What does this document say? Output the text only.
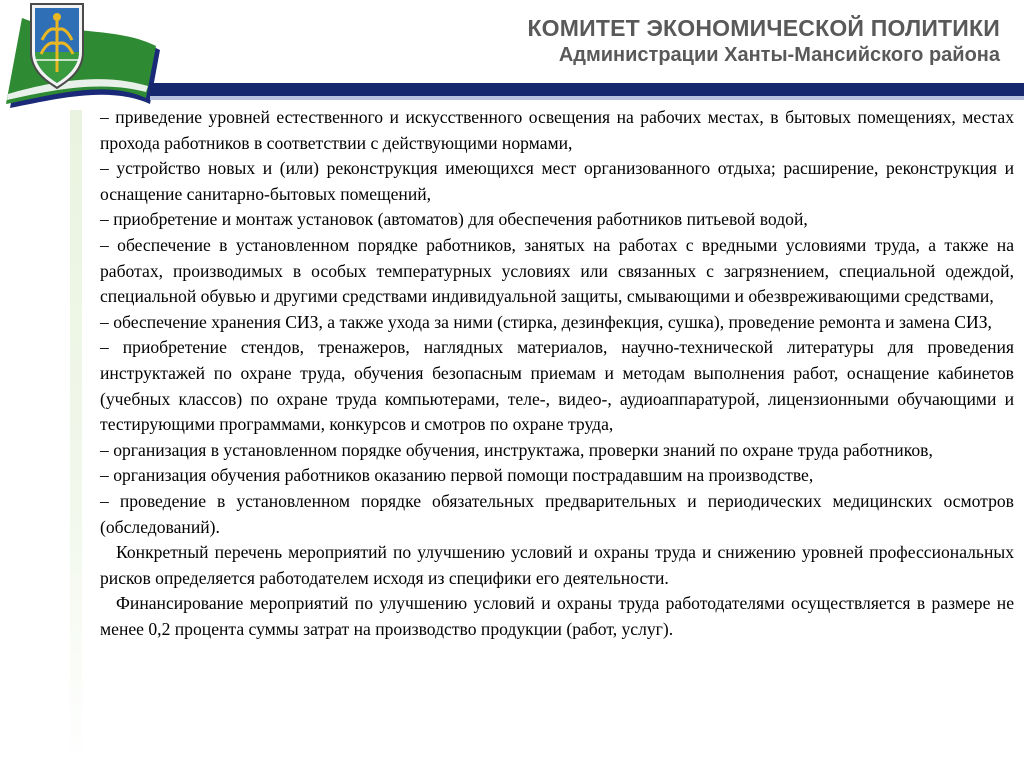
КОМИТЕТ ЭКОНОМИЧЕСКОЙ ПОЛИТИКИ
Администрации Ханты-Мансийского района

– приведение уровней естественного и искусственного освещения на рабочих местах, в бытовых помещениях, местах прохода работников в соответствии с действующими нормами,

– устройство новых и (или) реконструкция имеющихся мест организованного отдыха; расширение, реконструкция и оснащение санитарно-бытовых помещений,

– приобретение и монтаж установок (автоматов) для обеспечения работников питьевой водой,

– обеспечение в установленном порядке работников, занятых на работах с вредными условиями труда, а также на работах, производимых в особых температурных условиях или связанных с загрязнением, специальной одеждой, специальной обувью и другими средствами индивидуальной защиты, смывающими и обезвреживающими средствами,

– обеспечение хранения СИЗ, а также ухода за ними (стирка, дезинфекция, сушка), проведение ремонта и замена СИЗ,

– приобретение стендов, тренажеров, наглядных материалов, научно-технической литературы для проведения инструктажей по охране труда, обучения безопасным приемам и методам выполнения работ, оснащение кабинетов (учебных классов) по охране труда компьютерами, теле-, видео-, аудиоаппаратурой, лицензионными обучающими и тестирующими программами, конкурсов и смотров по охране труда,

– организация в установленном порядке обучения, инструктажа, проверки знаний по охране труда работников,

– организация обучения работников оказанию первой помощи пострадавшим на производстве,

– проведение в установленном порядке обязательных предварительных и периодических медицинских осмотров (обследований).

Конкретный перечень мероприятий по улучшению условий и охраны труда и снижению уровней профессиональных рисков определяется работодателем исходя из специфики его деятельности.

Финансирование мероприятий по улучшению условий и охраны труда работодателями осуществляется в размере не менее 0,2 процента суммы затрат на производство продукции (работ, услуг).
